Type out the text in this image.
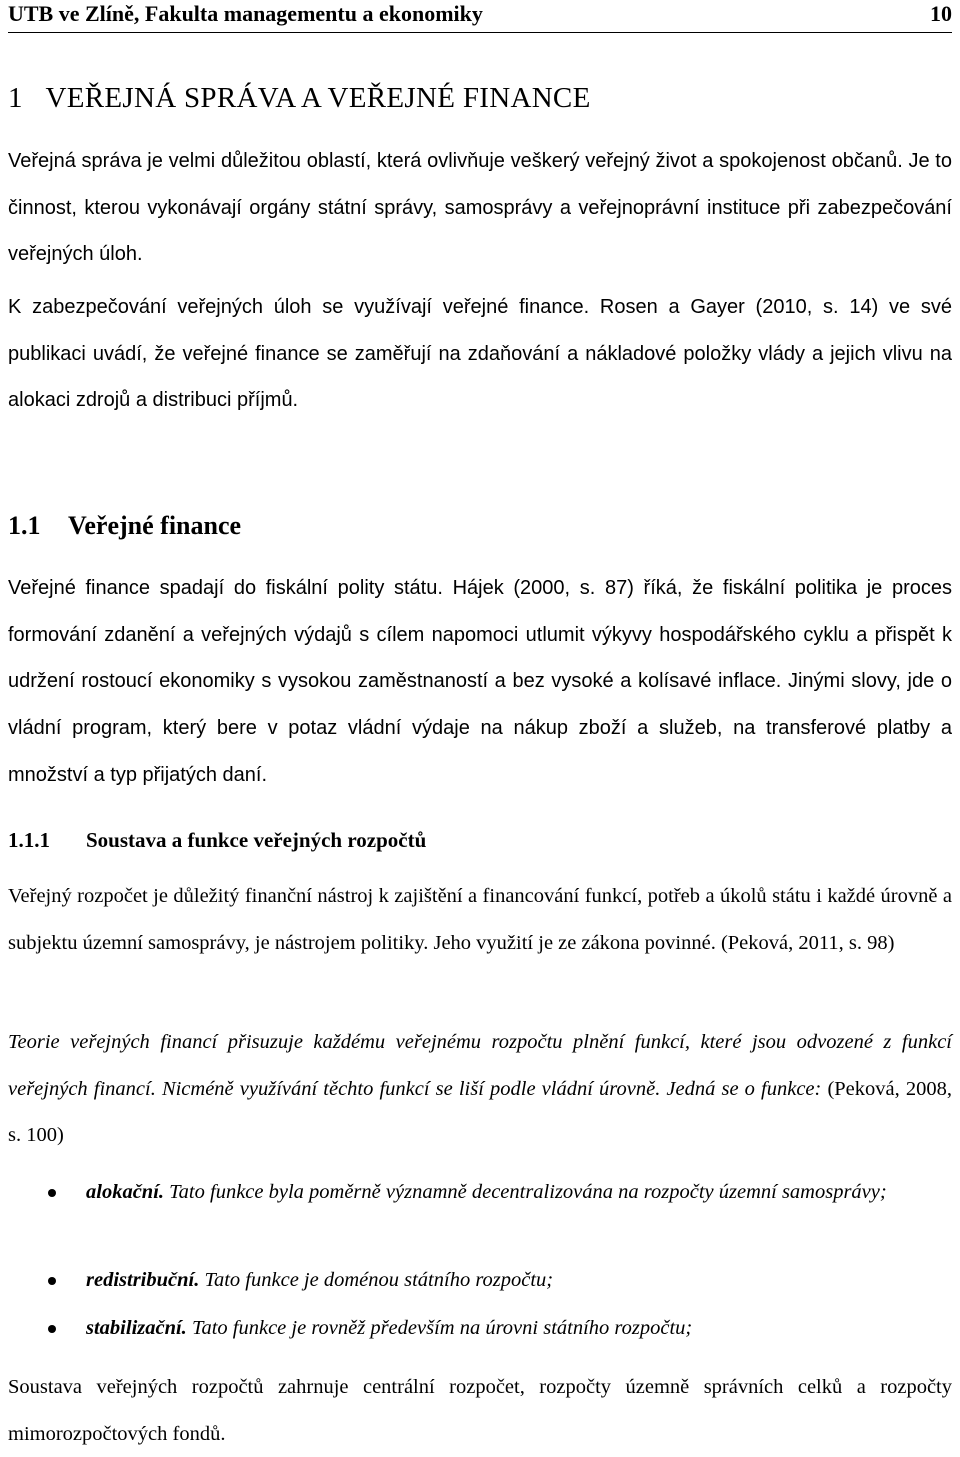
UTB ve Zlíně, Fakulta managementu a ekonomiky	10
1 VEŘEJNÁ SPRÁVA A VEŘEJNÉ FINANCE
Veřejná správa je velmi důležitou oblastí, která ovlivňuje veškerý veřejný život a spokojenost občanů. Je to činnost, kterou vykonávají orgány státní správy, samosprávy a veřejnoprávní instituce při zabezpečování veřejných úloh.
K zabezpečování veřejných úloh se využívají veřejné finance. Rosen a Gayer (2010, s. 14) ve své publikaci uvádí, že veřejné finance se zaměřují na zdaňování a nákladové položky vlády a jejich vlivu na alokaci zdrojů a distribuci příjmů.
1.1 Veřejné finance
Veřejné finance spadají do fiskální polity státu. Hájek (2000, s. 87) říká, že fiskální politika je proces formování zdanění a veřejných výdajů s cílem napomoci utlumit výkyvy hospodářského cyklu a přispět k udržení rostoucí ekonomiky s vysokou zaměstnaností a bez vysoké a kolísavé inflace. Jinými slovy, jde o vládní program, který bere v potaz vládní výdaje na nákup zboží a služeb, na transferové platby a množství a typ přijatých daní.
1.1.1 Soustava a funkce veřejných rozpočtů
Veřejný rozpočet je důležitý finanční nástroj k zajištění a financování funkcí, potřeb a úkolů státu i každé úrovně a subjektu územní samosprávy, je nástrojem politiky. Jeho využití je ze zákona povinné. (Peková, 2011, s. 98)
Teorie veřejných financí přisuzuje každému veřejnému rozpočtu plnění funkcí, které jsou odvozené z funkcí veřejných financí. Nicméně využívání těchto funkcí se liší podle vládní úrovně. Jedná se o funkce: (Peková, 2008, s. 100)
alokační. Tato funkce byla poměrně významně decentralizována na rozpočty územní samosprávy;
redistribuční. Tato funkce je doménou státního rozpočtu;
stabilizační. Tato funkce je rovněž především na úrovni státního rozpočtu;
Soustava veřejných rozpočtů zahrnuje centrální rozpočet, rozpočty územně správních celků a rozpočty mimorozpočtových fondů.
